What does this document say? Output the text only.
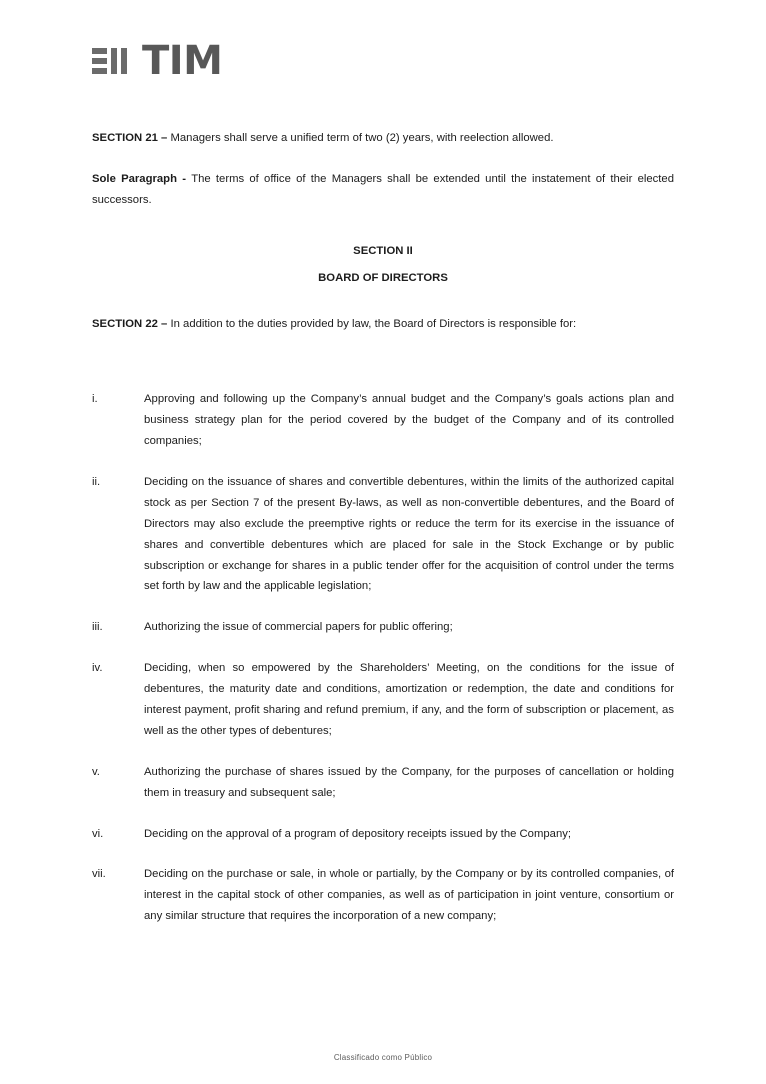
TIM

SECTION 21 – Managers shall serve a unified term of two (2) years, with reelection allowed.

Sole Paragraph - The terms of office of the Managers shall be extended until the instatement of their elected successors.

SECTION II

BOARD OF DIRECTORS

SECTION 22 – In addition to the duties provided by law, the Board of Directors is responsible for:

i.	Approving and following up the Company’s annual budget and the Company’s goals actions plan and business strategy plan for the period covered by the budget of the Company and of its controlled companies;
ii.	Deciding on the issuance of shares and convertible debentures, within the limits of the authorized capital stock as per Section 7 of the present By-laws, as well as non-convertible debentures, and the Board of Directors may also exclude the preemptive rights or reduce the term for its exercise in the issuance of shares and convertible debentures which are placed for sale in the Stock Exchange or by public subscription or exchange for shares in a public tender offer for the acquisition of control under the terms set forth by law and the applicable legislation;
iii.	Authorizing the issue of commercial papers for public offering;
iv.	Deciding, when so empowered by the Shareholders’ Meeting, on the conditions for the issue of debentures, the maturity date and conditions, amortization or redemption, the date and conditions for interest payment, profit sharing and refund premium, if any, and the form of subscription or placement, as well as the other types of debentures;
v.	Authorizing the purchase of shares issued by the Company, for the purposes of cancellation or holding them in treasury and subsequent sale;
vi.	Deciding on the approval of a program of depository receipts issued by the Company;
vii.	Deciding on the purchase or sale, in whole or partially, by the Company or by its controlled companies, of interest in the capital stock of other companies, as well as of participation in joint venture, consortium or any similar structure that requires the incorporation of a new company;
Classificado como Público
